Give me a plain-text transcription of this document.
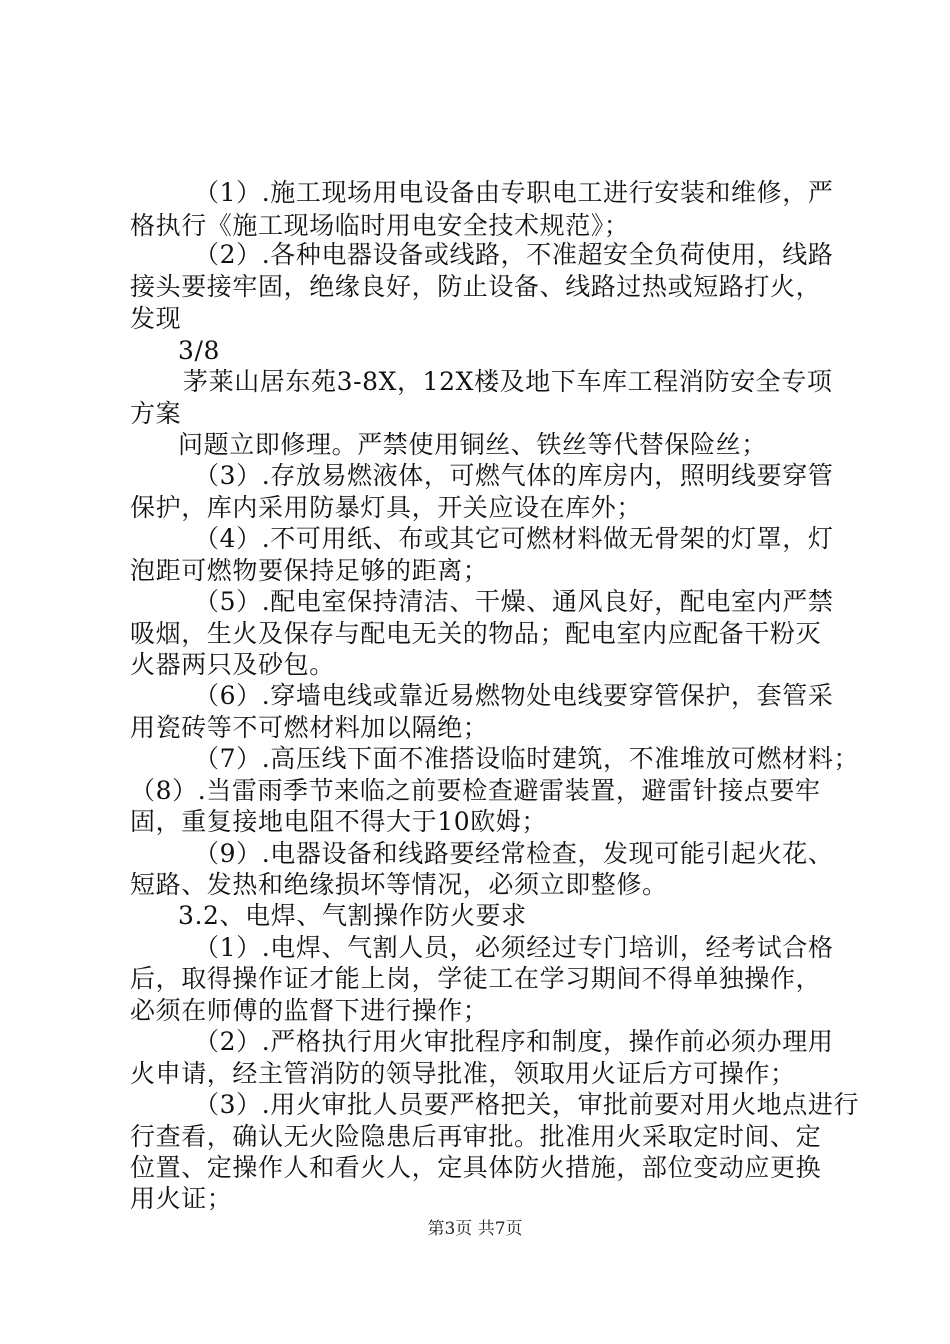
（1）.施工现场用电设备由专职电工进行安装和维修，严
格执行《施工现场临时用电安全技术规范》；
（2）.各种电器设备或线路，不准超安全负荷使用，线路
接头要接牢固，绝缘良好，防止设备、线路过热或短路打火，
发现
3/8
茅莱山居东苑3-8X，12X楼及地下车库工程消防安全专项
方案
问题立即修理。严禁使用铜丝、铁丝等代替保险丝；
（3）.存放易燃液体，可燃气体的库房内，照明线要穿管
保护，库内采用防暴灯具，开关应设在库外；
（4）.不可用纸、布或其它可燃材料做无骨架的灯罩，灯
泡距可燃物要保持足够的距离；
（5）.配电室保持清洁、干燥、通风良好，配电室内严禁
吸烟，生火及保存与配电无关的物品；配电室内应配备干粉灭
火器两只及砂包。
（6）.穿墙电线或靠近易燃物处电线要穿管保护，套管采
用瓷砖等不可燃材料加以隔绝；
（7）.高压线下面不准搭设临时建筑，不准堆放可燃材料；
（8）.当雷雨季节来临之前要检查避雷装置，避雷针接点要牢
固，重复接地电阻不得大于10欧姆；
（9）.电器设备和线路要经常检查，发现可能引起火花、
短路、发热和绝缘损坏等情况，必须立即整修。
3.2、电焊、气割操作防火要求
（1）.电焊、气割人员，必须经过专门培训，经考试合格
后，取得操作证才能上岗，学徒工在学习期间不得单独操作，
必须在师傅的监督下进行操作；
（2）.严格执行用火审批程序和制度，操作前必须办理用
火申请，经主管消防的领导批准，领取用火证后方可操作；
（3）.用火审批人员要严格把关，审批前要对用火地点进行
行查看，确认无火险隐患后再审批。批准用火采取定时间、定
位置、定操作人和看火人，定具体防火措施，部位变动应更换
用火证；
第3页 共7页
